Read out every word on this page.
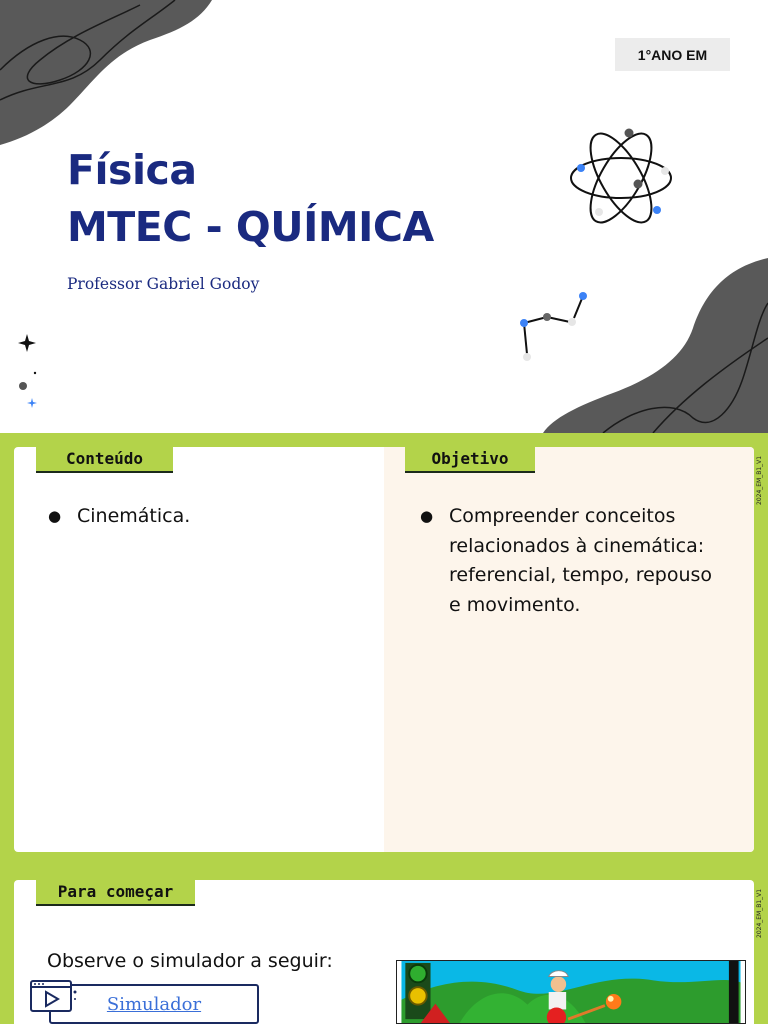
1°ANO EM
Física
MTEC - QUÍMICA

Professor Gabriel Godoy

Conteúdo	Objetivo
● Cinemática.
●	Compreender conceitos relacionados à cinemática: referencial, tempo, repouso e movimento.
2024_EM_B1_V1
Para começar	2024_EM_B1_V1

Observe o simulador a seguir:

Simulador
